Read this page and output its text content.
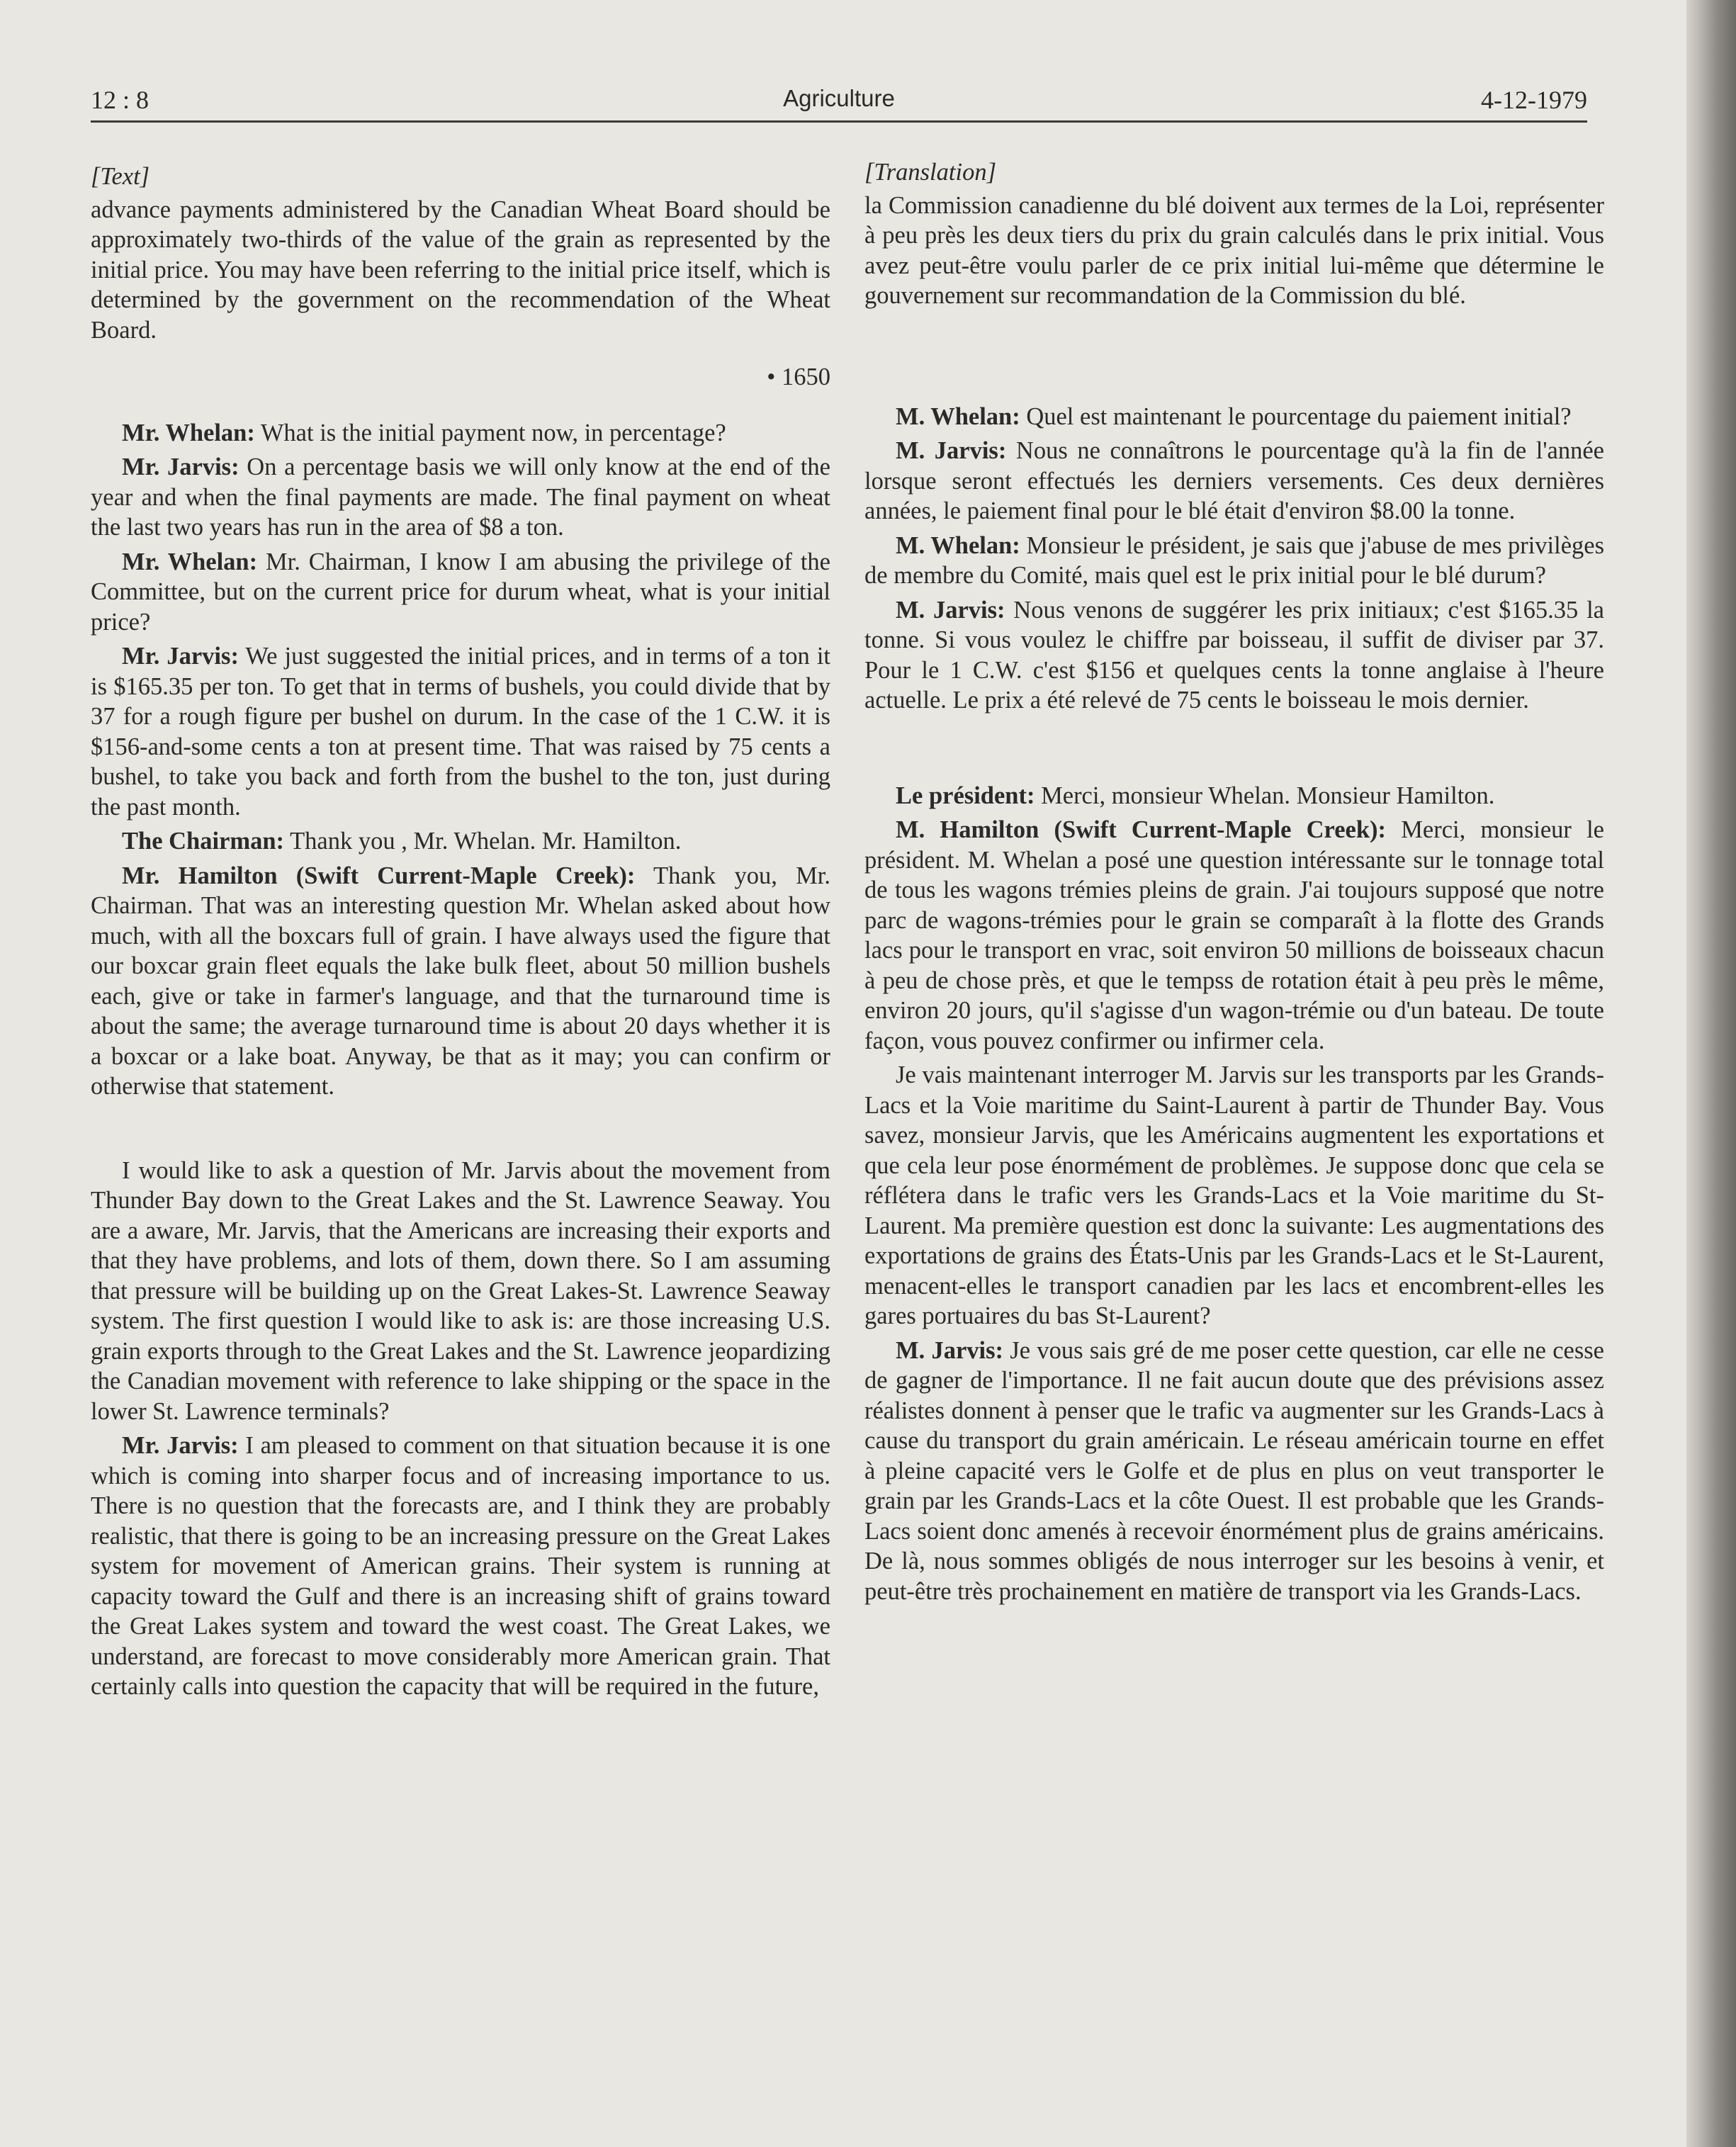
12 : 8	Agriculture	4-12-1979
[Text]

advance payments administered by the Canadian Wheat Board should be approximately two-thirds of the value of the grain as represented by the initial price. You may have been referring to the initial price itself, which is determined by the government on the recommendation of the Wheat Board.

• 1650

Mr. Whelan: What is the initial payment now, in percentage?

Mr. Jarvis: On a percentage basis we will only know at the end of the year and when the final payments are made. The final payment on wheat the last two years has run in the area of $8 a ton.

Mr. Whelan: Mr. Chairman, I know I am abusing the privilege of the Committee, but on the current price for durum wheat, what is your initial price?

Mr. Jarvis: We just suggested the initial prices, and in terms of a ton it is $165.35 per ton. To get that in terms of bushels, you could divide that by 37 for a rough figure per bushel on durum. In the case of the 1 C.W. it is $156-and-some cents a ton at present time. That was raised by 75 cents a bushel, to take you back and forth from the bushel to the ton, just during the past month.

The Chairman: Thank you , Mr. Whelan. Mr. Hamilton.

Mr. Hamilton (Swift Current-Maple Creek): Thank you, Mr. Chairman. That was an interesting question Mr. Whelan asked about how much, with all the boxcars full of grain. I have always used the figure that our boxcar grain fleet equals the lake bulk fleet, about 50 million bushels each, give or take in farmer's language, and that the turnaround time is about the same; the average turnaround time is about 20 days whether it is a boxcar or a lake boat. Anyway, be that as it may; you can confirm or otherwise that statement.

I would like to ask a question of Mr. Jarvis about the movement from Thunder Bay down to the Great Lakes and the St. Lawrence Seaway. You are a aware, Mr. Jarvis, that the Americans are increasing their exports and that they have problems, and lots of them, down there. So I am assuming that pressure will be building up on the Great Lakes-St. Lawrence Seaway system. The first question I would like to ask is: are those increasing U.S. grain exports through to the Great Lakes and the St. Lawrence jeopardizing the Canadian movement with reference to lake shipping or the space in the lower St. Lawrence terminals?

Mr. Jarvis: I am pleased to comment on that situation because it is one which is coming into sharper focus and of increasing importance to us. There is no question that the forecasts are, and I think they are probably realistic, that there is going to be an increasing pressure on the Great Lakes system for movement of American grains. Their system is running at capacity toward the Gulf and there is an increasing shift of grains toward the Great Lakes system and toward the west coast. The Great Lakes, we understand, are forecast to move considerably more American grain. That certainly calls into question the capacity that will be required in the future,

[Translation]

la Commission canadienne du blé doivent aux termes de la Loi, représenter à peu près les deux tiers du prix du grain calculés dans le prix initial. Vous avez peut-être voulu parler de ce prix initial lui-même que détermine le gouvernement sur recommandation de la Commission du blé.

M. Whelan: Quel est maintenant le pourcentage du paiement initial?

M. Jarvis: Nous ne connaîtrons le pourcentage qu'à la fin de l'année lorsque seront effectués les derniers versements. Ces deux dernières années, le paiement final pour le blé était d'environ $8.00 la tonne.

M. Whelan: Monsieur le président, je sais que j'abuse de mes privilèges de membre du Comité, mais quel est le prix initial pour le blé durum?

M. Jarvis: Nous venons de suggérer les prix initiaux; c'est $165.35 la tonne. Si vous voulez le chiffre par boisseau, il suffit de diviser par 37. Pour le 1 C.W. c'est $156 et quelques cents la tonne anglaise à l'heure actuelle. Le prix a été relevé de 75 cents le boisseau le mois dernier.

Le président: Merci, monsieur Whelan. Monsieur Hamilton.

M. Hamilton (Swift Current-Maple Creek): Merci, monsieur le président. M. Whelan a posé une question intéressante sur le tonnage total de tous les wagons trémies pleins de grain. J'ai toujours supposé que notre parc de wagons-trémies pour le grain se comparaît à la flotte des Grands lacs pour le transport en vrac, soit environ 50 millions de boisseaux chacun à peu de chose près, et que le tempss de rotation était à peu près le même, environ 20 jours, qu'il s'agisse d'un wagon-trémie ou d'un bateau. De toute façon, vous pouvez confirmer ou infirmer cela.

Je vais maintenant interroger M. Jarvis sur les transports par les Grands-Lacs et la Voie maritime du Saint-Laurent à partir de Thunder Bay. Vous savez, monsieur Jarvis, que les Américains augmentent les exportations et que cela leur pose énormément de problèmes. Je suppose donc que cela se réflétera dans le trafic vers les Grands-Lacs et la Voie maritime du St-Laurent. Ma première question est donc la suivante: Les augmentations des exportations de grains des États-Unis par les Grands-Lacs et le St-Laurent, menacent-elles le transport canadien par les lacs et encombrent-elles les gares portuaires du bas St-Laurent?

M. Jarvis: Je vous sais gré de me poser cette question, car elle ne cesse de gagner de l'importance. Il ne fait aucun doute que des prévisions assez réalistes donnent à penser que le trafic va augmenter sur les Grands-Lacs à cause du transport du grain américain. Le réseau américain tourne en effet à pleine capacité vers le Golfe et de plus en plus on veut transporter le grain par les Grands-Lacs et la côte Ouest. Il est probable que les Grands-Lacs soient donc amenés à recevoir énormément plus de grains américains. De là, nous sommes obligés de nous interroger sur les besoins à venir, et peut-être très prochainement en matière de transport via les Grands-Lacs.
